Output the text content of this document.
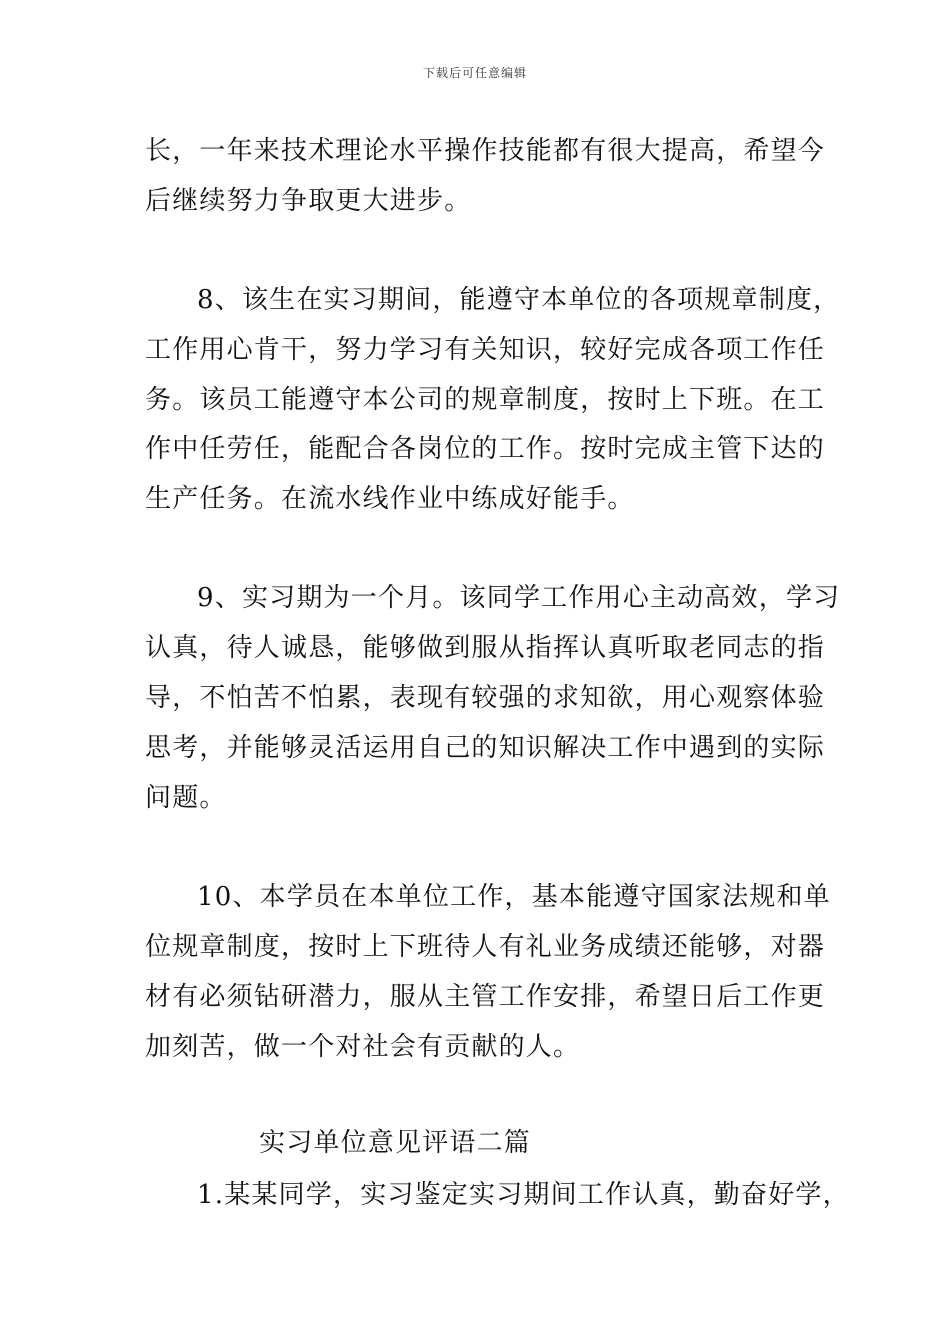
下载后可任意编辑
长，一年来技术理论水平操作技能都有很大提高，希望今
后继续努力争取更大进步。
8、该生在实习期间，能遵守本单位的各项规章制度，
工作用心肯干，努力学习有关知识，较好完成各项工作任
务。该员工能遵守本公司的规章制度，按时上下班。在工
作中任劳任，能配合各岗位的工作。按时完成主管下达的
生产任务。在流水线作业中练成好能手。
9、实习期为一个月。该同学工作用心主动高效，学习
认真，待人诚恳，能够做到服从指挥认真听取老同志的指
导，不怕苦不怕累，表现有较强的求知欲，用心观察体验
思考，并能够灵活运用自己的知识解决工作中遇到的实际
问题。
10、本学员在本单位工作，基本能遵守国家法规和单
位规章制度，按时上下班待人有礼业务成绩还能够，对器
材有必须钻研潜力，服从主管工作安排，希望日后工作更
加刻苦，做一个对社会有贡献的人。
实习单位意见评语二篇
1.某某同学，实习鉴定实习期间工作认真，勤奋好学，
